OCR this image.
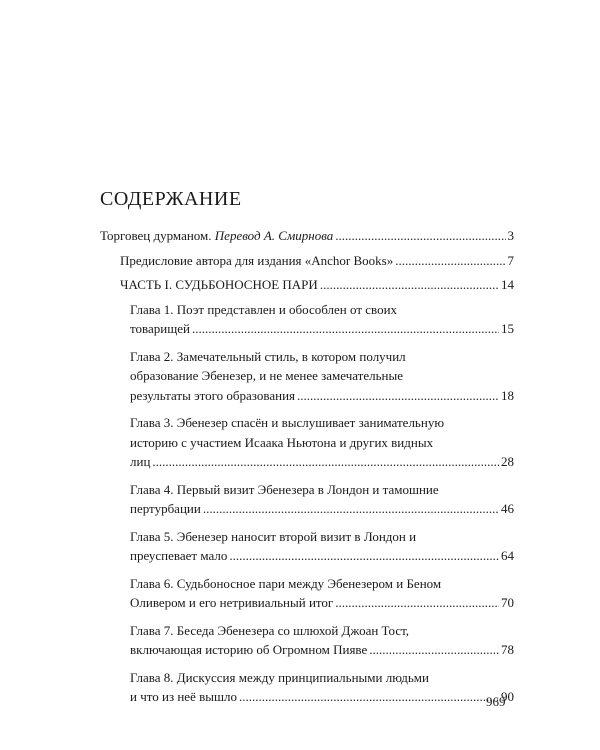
СОДЕРЖАНИЕ
Торговец дурманом. Перевод А. Смирнова .....	3
Предисловие автора для издания «Anchor Books» .....	7
ЧАСТЬ I. СУДЬБОНОСНОЕ ПАРИ .....	14
Глава 1. Поэт представлен и обособлен от своих
товарищей .....	15
Глава 2. Замечательный стиль, в котором получил
образование Эбенезер, и не менее замечательные
результаты этого образования .....	18
Глава 3. Эбенезер спасён и выслушивает занимательную
историю с участием Исаака Ньютона и других видных
лиц .....	28
Глава 4. Первый визит Эбенезера в Лондон и тамошние
пертурбации .....	46
Глава 5. Эбенезер наносит второй визит в Лондон и
преуспевает мало .....	64
Глава 6. Судьбоносное пари между Эбенезером и Беном
Оливером и его нетривиальный итог .....	70
Глава 7. Беседа Эбенезера со шлюхой Джоан Тост,
включающая историю об Огромном Пияве .....	78
Глава 8. Дискуссия между принципиальными людьми
и что из неё вышло .....	90
969
